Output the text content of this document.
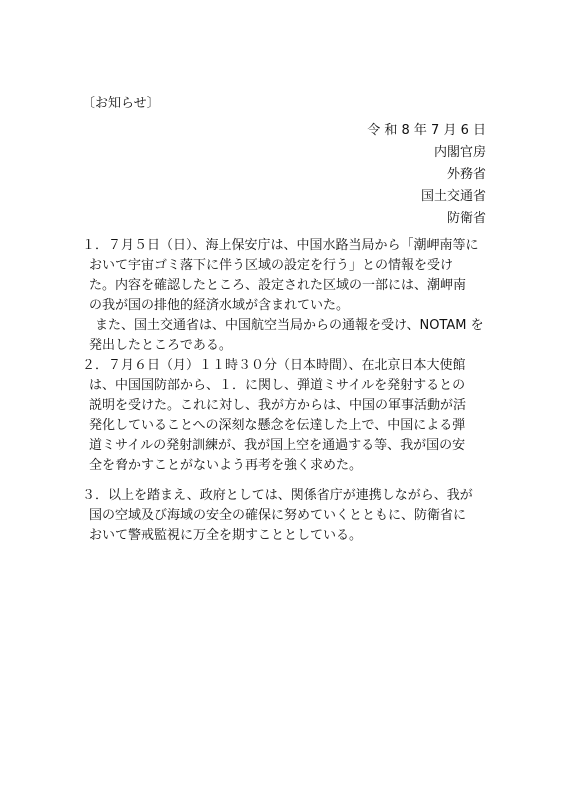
〔お知らせ〕

令 和 8 年 7 月 6 日
内閣官房
外務省
国土交通省
防衛省
１．７月５日（日）、海上保安庁は、中国水路当局から「潮岬南等に
おいて宇宙ゴミ落下に伴う区域の設定を行う」との情報を受け
た。内容を確認したところ、設定された区域の一部には、潮岬南
の我が国の排他的経済水域が含まれていた。
また、国土交通省は、中国航空当局からの通報を受け、NOTAM を
発出したところである。
２．７月６日（月）１１時３０分（日本時間）、在北京日本大使館
は、中国国防部から、１．に関し、弾道ミサイルを発射するとの
説明を受けた。これに対し、我が方からは、中国の軍事活動が活
発化していることへの深刻な懸念を伝達した上で、中国による弾
道ミサイルの発射訓練が、我が国上空を通過する等、我が国の安
全を脅かすことがないよう再考を強く求めた。
３．以上を踏まえ、政府としては、関係省庁が連携しながら、我が
国の空域及び海域の安全の確保に努めていくとともに、防衛省に
おいて警戒監視に万全を期すこととしている。
